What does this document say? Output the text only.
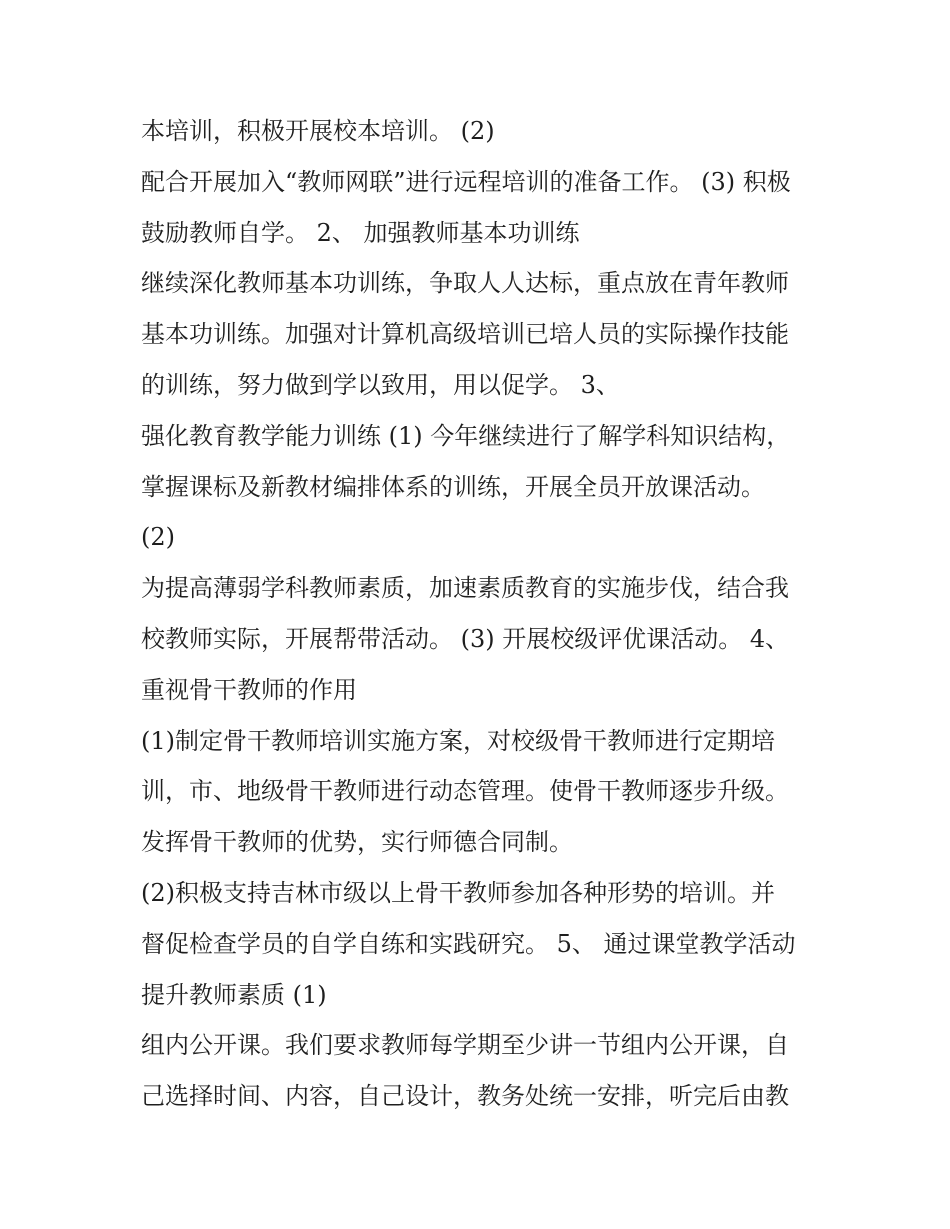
本培训，积极开展校本培训。 (2)
配合开展加入“教师网联”进行远程培训的准备工作。 (3) 积极
鼓励教师自学。 2、 加强教师基本功训练
继续深化教师基本功训练，争取人人达标，重点放在青年教师
基本功训练。加强对计算机高级培训已培人员的实际操作技能
的训练，努力做到学以致用，用以促学。 3、
强化教育教学能力训练 (1) 今年继续进行了解学科知识结构，
掌握课标及新教材编排体系的训练，开展全员开放课活动。
(2)
为提高薄弱学科教师素质，加速素质教育的实施步伐，结合我
校教师实际，开展帮带活动。 (3) 开展校级评优课活动。 4、
重视骨干教师的作用
(1)制定骨干教师培训实施方案，对校级骨干教师进行定期培
训，市、地级骨干教师进行动态管理。使骨干教师逐步升级。
发挥骨干教师的优势，实行师德合同制。
(2)积极支持吉林市级以上骨干教师参加各种形势的培训。并
督促检查学员的自学自练和实践研究。 5、 通过课堂教学活动
提升教师素质 (1)
组内公开课。我们要求教师每学期至少讲一节组内公开课，自
己选择时间、内容，自己设计，教务处统一安排，听完后由教
